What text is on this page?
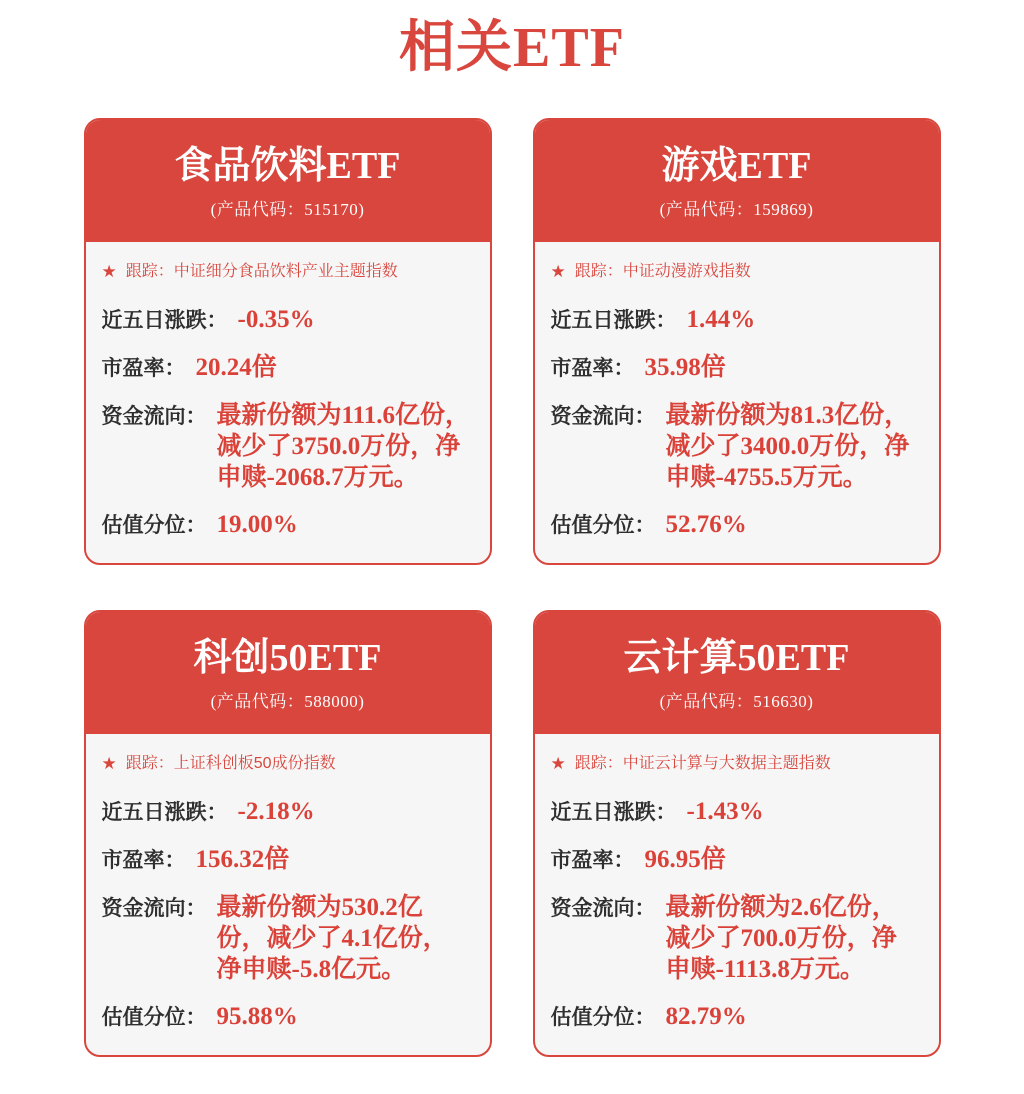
相关ETF
食品饮料ETF
(产品代码：515170)
★ 跟踪： 中证细分食品饮料产业主题指数
近五日涨跌： -0.35%
市盈率： 20.24倍
资金流向： 最新份额为111.6亿份，减少了3750.0万份，净申赎-2068.7万元。
估值分位： 19.00%
游戏ETF
(产品代码：159869)
★ 跟踪： 中证动漫游戏指数
近五日涨跌： 1.44%
市盈率： 35.98倍
资金流向： 最新份额为81.3亿份，减少了3400.0万份，净申赎-4755.5万元。
估值分位： 52.76%
科创50ETF
(产品代码：588000)
★ 跟踪： 上证科创板50成份指数
近五日涨跌： -2.18%
市盈率： 156.32倍
资金流向： 最新份额为530.2亿份，减少了4.1亿份，净申赎-5.8亿元。
估值分位： 95.88%
云计算50ETF
(产品代码：516630)
★ 跟踪： 中证云计算与大数据主题指数
近五日涨跌： -1.43%
市盈率： 96.95倍
资金流向： 最新份额为2.6亿份，减少了700.0万份，净申赎-1113.8万元。
估值分位： 82.79%
